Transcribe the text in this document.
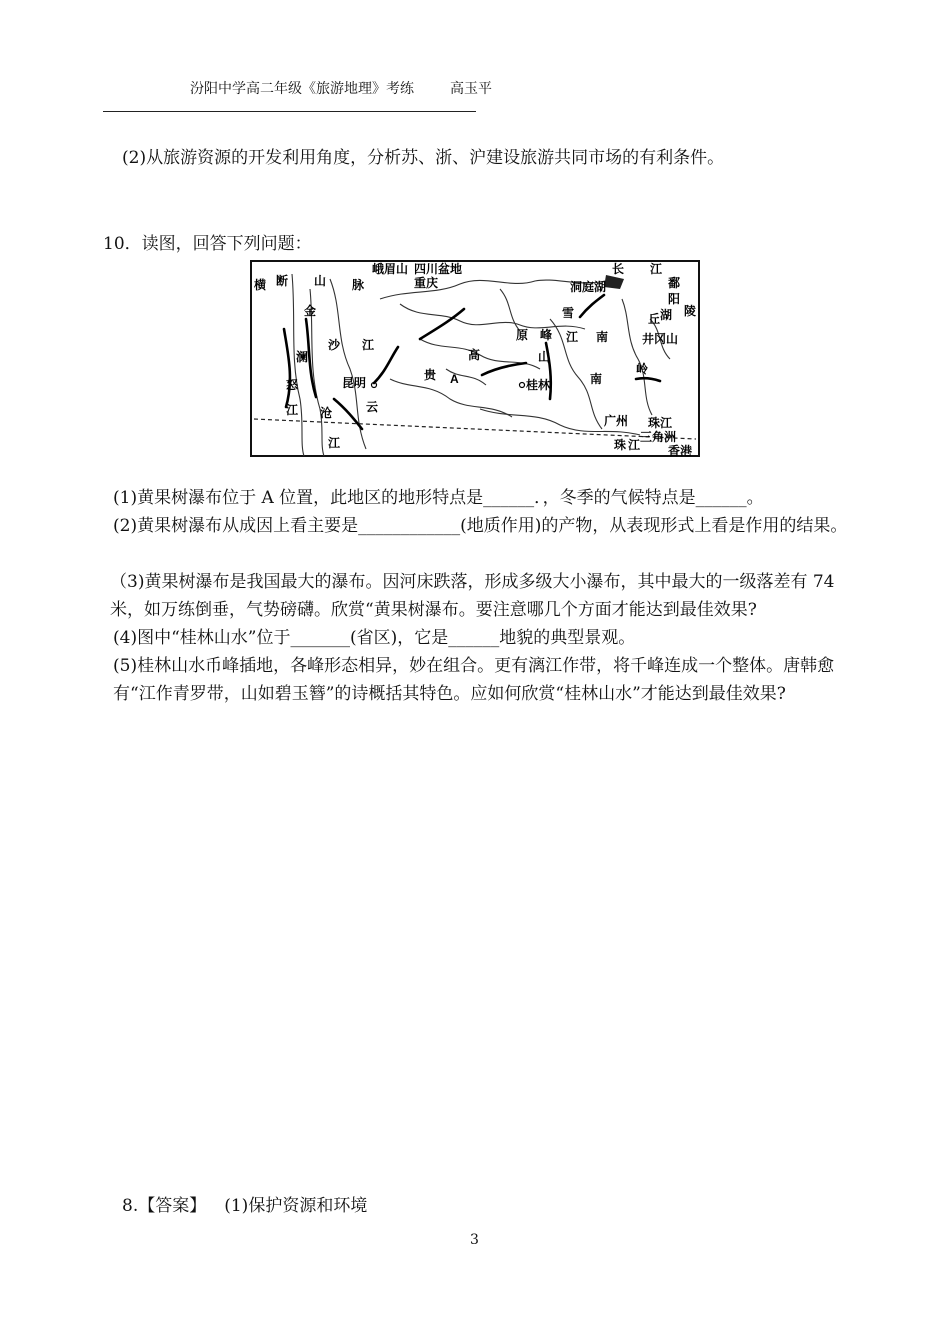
汾阳中学高二年级《旅游地理》考练	高玉平
(2)从旅游资源的开发利用角度，分析苏、浙、沪建设旅游共同市场的有利条件。
10．读图，回答下列问题：
横 断 山 脉
峨眉山 四川盆地
重庆
长 江
洞庭湖	鄱
阳
湖 陵
金
沙 江
澜
雪
峰
山
原
高
贵 A
江 南
丘
井冈山
昆明
云
怒
江 沧
江
桂林	南
岭
广州 珠江
三角洲
珠 江 香港
(1)黄果树瀑布位于 A 位置，此地区的地形特点是______．，冬季的气候特点是______。
(2)黄果树瀑布从成因上看主要是____________(地质作用)的产物，从表现形式上看是作用的结果。
（3)黄果树瀑布是我国最大的瀑布。因河床跌落，形成多级大小瀑布，其中最大的一级落差有 74 米，如万练倒垂，气势磅礴。欣赏“黄果树瀑布。要注意哪几个方面才能达到最佳效果?
(4)图中“桂林山水”位于_______(省区)，它是______地貌的典型景观。
(5)桂林山水币峰插地，各峰形态相异，妙在组合。更有漓江作带，将千峰连成一个整体。唐韩愈有“江作青罗带，山如碧玉簪”的诗概括其特色。应如何欣赏“桂林山水”才能达到最佳效果?
8.【答案】 (1)保护资源和环境
3
